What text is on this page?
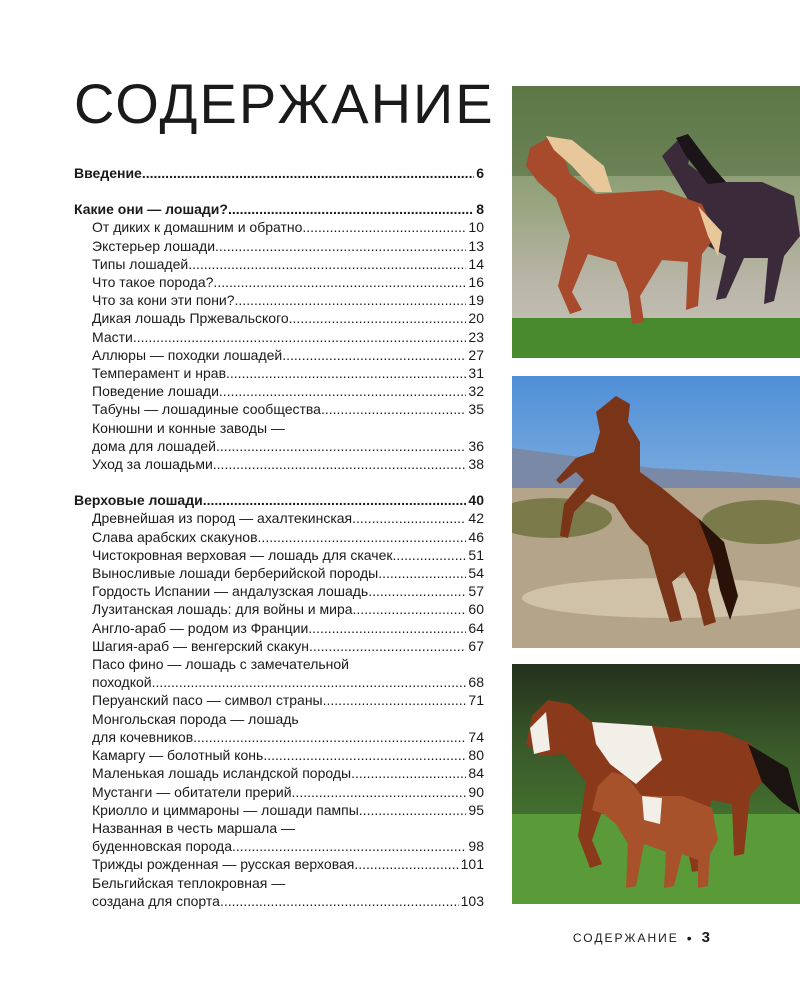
СОДЕРЖАНИЕ
Введение .....	6
Какие они — лошади? .....	8
От диких к домашним и обратно .....	10
Экстерьер лошади .....	13
Типы лошадей .....	14
Что такое порода? .....	16
Что за кони эти пони? .....	19
Дикая лошадь Пржевальского .....	20
Масти .....	23
Аллюры — походки лошадей .....	27
Темперамент и нрав .....	31
Поведение лошади .....	32
Табуны — лошадиные сообщества .....	35
Конюшни и конные заводы —
дома для лошадей .....	36
Уход за лошадьми .....	38
Верховые лошади .....	40
Древнейшая из пород — ахалтекинская .....	42
Слава арабских скакунов .....	46
Чистокровная верховая — лошадь для скачек .....	51
Выносливые лошади берберийской породы .....	54
Гордость Испании — андалузская лошадь .....	57
Лузитанская лошадь: для войны и мира .....	60
Англо-араб — родом из Франции .....	64
Шагия-араб — венгерский скакун .....	67
Пасо фино — лошадь с замечательной
походкой .....	68
Перуанский пасо — символ страны .....	71
Монгольская порода — лошадь
для кочевников .....	74
Камаргу — болотный конь .....	80
Маленькая лошадь исландской породы .....	84
Мустанги — обитатели прерий .....	90
Криолло и циммароны — лошади пампы .....	95
Названная в честь маршала —
буденновская порода .....	98
Трижды рожденная — русская верховая .....	101
Бельгийская теплокровная —
создана для спорта .....	103
СОДЕРЖАНИЕ • 3
